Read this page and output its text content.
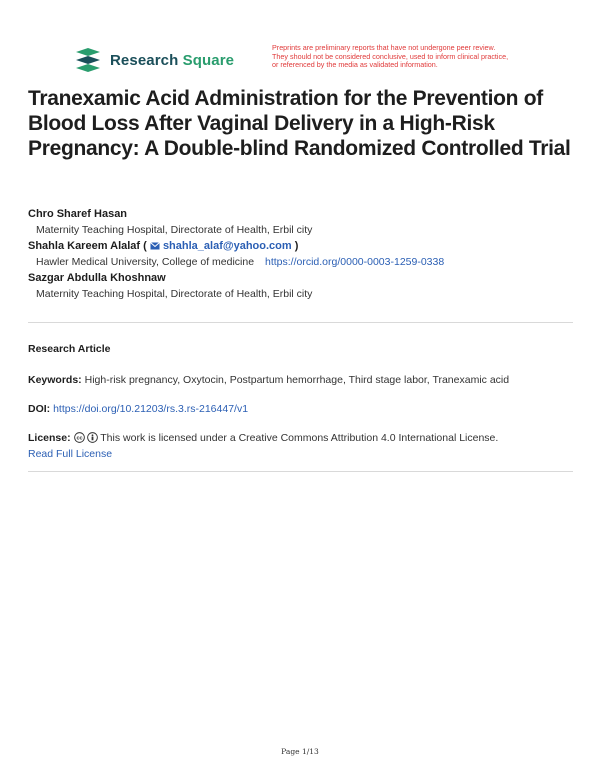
Research Square
Preprints are preliminary reports that have not undergone peer review.
They should not be considered conclusive, used to inform clinical practice,
or referenced by the media as validated information.
Tranexamic Acid Administration for the Prevention of Blood Loss After Vaginal Delivery in a High-Risk Pregnancy: A Double-blind Randomized Controlled Trial
Chro Sharef Hasan
Maternity Teaching Hospital, Directorate of Health, Erbil city
Shahla Kareem Alalaf (  shahla_alaf@yahoo.com )
Hawler Medical University, College of medicine https://orcid.org/0000-0003-1259-0338
Sazgar Abdulla Khoshnaw
Maternity Teaching Hospital, Directorate of Health, Erbil city
Research Article
Keywords: High-risk pregnancy, Oxytocin, Postpartum hemorrhage, Third stage labor, Tranexamic acid
DOI: https://doi.org/10.21203/rs.3.rs-216447/v1
License: cc This work is licensed under a Creative Commons Attribution 4.0 International License.
Read Full License
Page 1/13
